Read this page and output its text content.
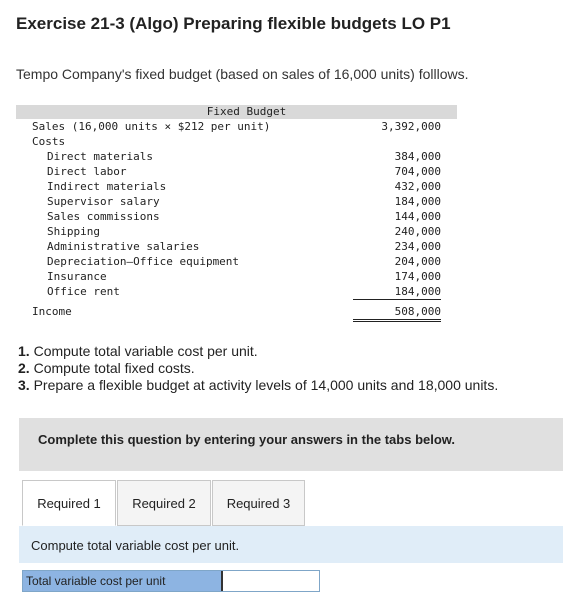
Exercise 21-3 (Algo) Preparing flexible budgets LO P1
Tempo Company's fixed budget (based on sales of 16,000 units) folllows.
Fixed Budget
Sales (16,000 units × $212 per unit)	3,392,000
Costs
Direct materials	384,000
Direct labor	704,000
Indirect materials	432,000
Supervisor salary	184,000
Sales commissions	144,000
Shipping	240,000
Administrative salaries	234,000
Depreciation—Office equipment	204,000
Insurance	174,000
Office rent	184,000
Income	508,000
1. Compute total variable cost per unit.
2. Compute total fixed costs.
3. Prepare a flexible budget at activity levels of 14,000 units and 18,000 units.
Complete this question by entering your answers in the tabs below.
Required 1	Required 2	Required 3
Compute total variable cost per unit.
Total variable cost per unit
